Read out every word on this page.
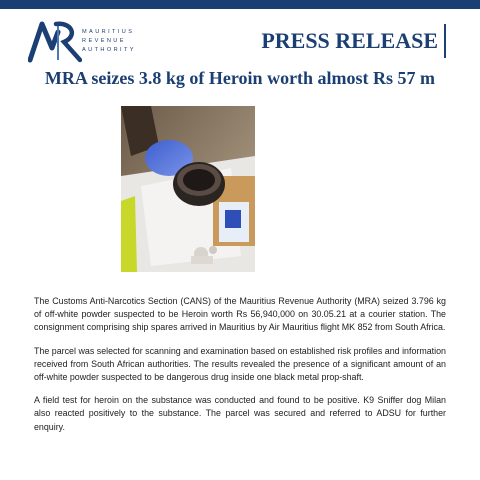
MAURITIUS
REVENUE
AUTHORITY	PRESS RELEASE
MRA seizes 3.8 kg of Heroin worth almost Rs 57 m

The Customs Anti-Narcotics Section (CANS) of the Mauritius Revenue Authority (MRA) seized 3.796 kg of off-white powder suspected to be Heroin worth Rs 56,940,000 on 30.05.21 at a courier station. The consignment comprising ship spares arrived in Mauritius by Air Mauritius flight MK 852 from South Africa.

The parcel was selected for scanning and examination based on established risk profiles and information received from South African authorities. The results revealed the presence of a significant amount of an off-white powder suspected to be dangerous drug inside one black metal prop-shaft.

A field test for heroin on the substance was conducted and found to be positive. K9 Sniffer dog Milan also reacted positively to the substance. The parcel was secured and referred to ADSU for further enquiry.
